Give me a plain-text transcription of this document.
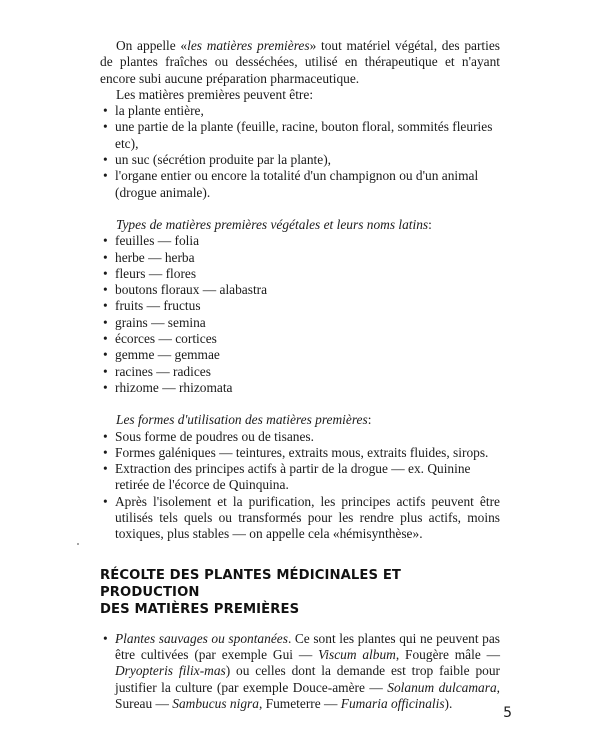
On appelle «les matières premières» tout matériel végétal, des parties de plantes fraîches ou desséchées, utilisé en thérapeutique et n'ayant encore subi aucune préparation pharmaceutique.

Les matières premières peuvent être:

• la plante entière,
• une partie de la plante (feuille, racine, bouton floral, sommités fleuries etc),
• un suc (sécrétion produite par la plante),
• l'organe entier ou encore la totalité d'un champignon ou d'un animal (drogue animale).

Types de matières premières végétales et leurs noms latins:

• feuilles — folia
• herbe — herba
• fleurs — flores
• boutons floraux — alabastra
• fruits — fructus
• grains — semina
• écorces — cortices
• gemme — gemmae
• racines — radices
• rhizome — rhizomata

Les formes d'utilisation des matières premières:

• Sous forme de poudres ou de tisanes.
• Formes galéniques — teintures, extraits mous, extraits fluides, sirops.
• Extraction des principes actifs à partir de la drogue — ex. Quinine retirée de l'écorce de Quinquina.
• Après l'isolement et la purification, les principes actifs peuvent être utilisés tels quels ou transformés pour les rendre plus actifs, moins toxiques, plus stables — on appelle cela «hémisynthèse».
RÉCOLTE DES PLANTES MÉDICINALES ET PRODUCTION
DES MATIÈRES PREMIÈRES
• Plantes sauvages ou spontanées. Ce sont les plantes qui ne peuvent pas être cultivées (par exemple Gui — Viscum album, Fougère mâle — Dryopteris filix-mas) ou celles dont la demande est trop faible pour justifier la culture (par exemple Douce-amère — Solanum dulcamara, Sureau — Sambucus nigra, Fumeterre — Fumaria officinalis).
5
